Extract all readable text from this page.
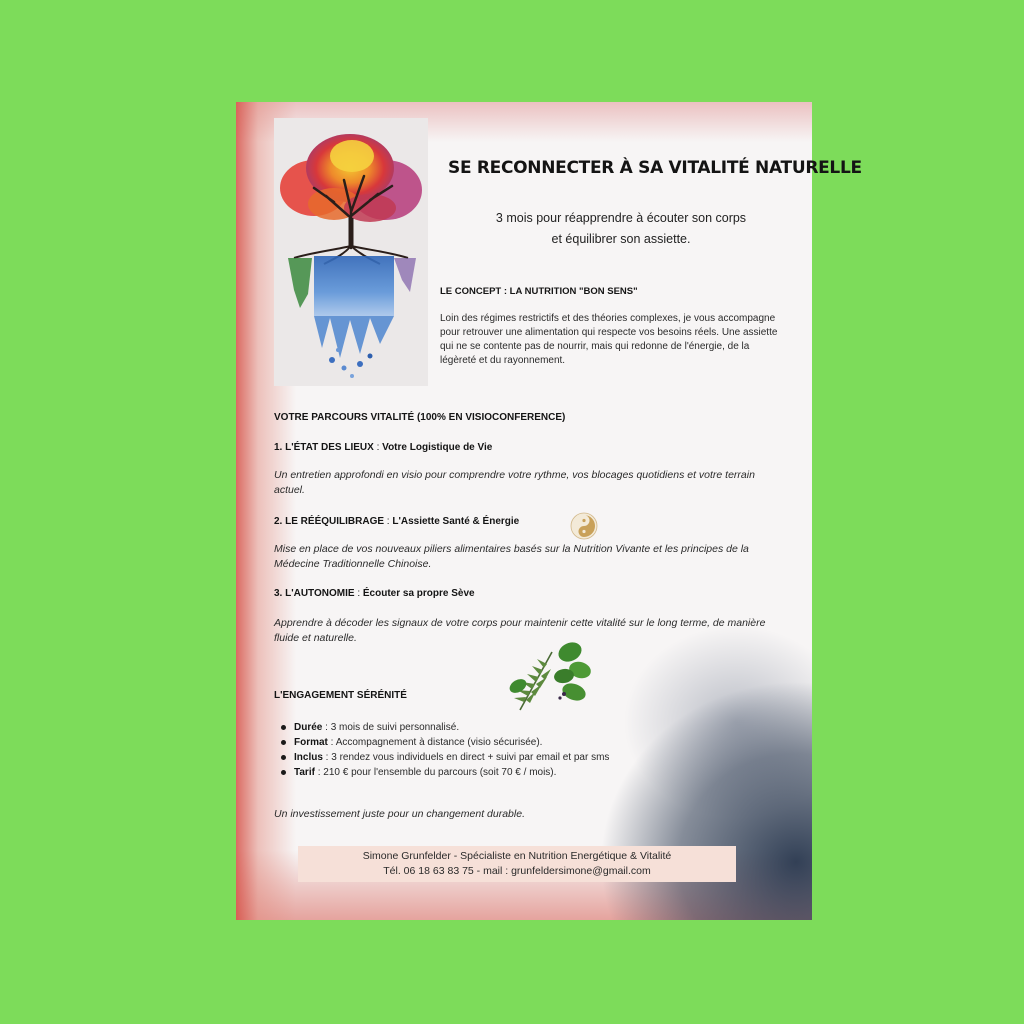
SE RECONNECTER À SA VITALITÉ NATURELLE
3 mois pour réapprendre à écouter son corps
et équilibrer son assiette.
LE CONCEPT : LA NUTRITION "BON SENS"
Loin des régimes restrictifs et des théories complexes, je vous accompagne pour retrouver une alimentation qui respecte vos besoins réels. Une assiette qui ne se contente pas de nourrir, mais qui redonne de l'énergie, de la légèreté et du rayonnement.
VOTRE PARCOURS VITALITÉ (100% EN VISIOCONFERENCE)
1. L'ÉTAT DES LIEUX : Votre Logistique de Vie
Un entretien approfondi en visio pour comprendre votre rythme, vos blocages quotidiens et votre terrain actuel.
2. LE RÉÉQUILIBRAGE : L'Assiette Santé & Énergie
Mise en place de vos nouveaux piliers alimentaires basés sur la Nutrition Vivante et les principes de la Médecine Traditionnelle Chinoise.
3. L'AUTONOMIE : Écouter sa propre Sève
Apprendre à décoder les signaux de votre corps pour maintenir cette vitalité sur le long terme, de manière fluide et naturelle.
L'ENGAGEMENT SÉRÉNITÉ
Durée : 3 mois de suivi personnalisé.
Format : Accompagnement à distance (visio sécurisée).
Inclus : 3 rendez vous individuels en direct + suivi par email et par sms
Tarif : 210 € pour l'ensemble du parcours (soit 70 € / mois).
Un investissement juste pour un changement durable.
Simone Grunfelder - Spécialiste en Nutrition Energétique & Vitalité
Tél. 06 18 63 83 75 - mail : grunfeldersimone@gmail.com
